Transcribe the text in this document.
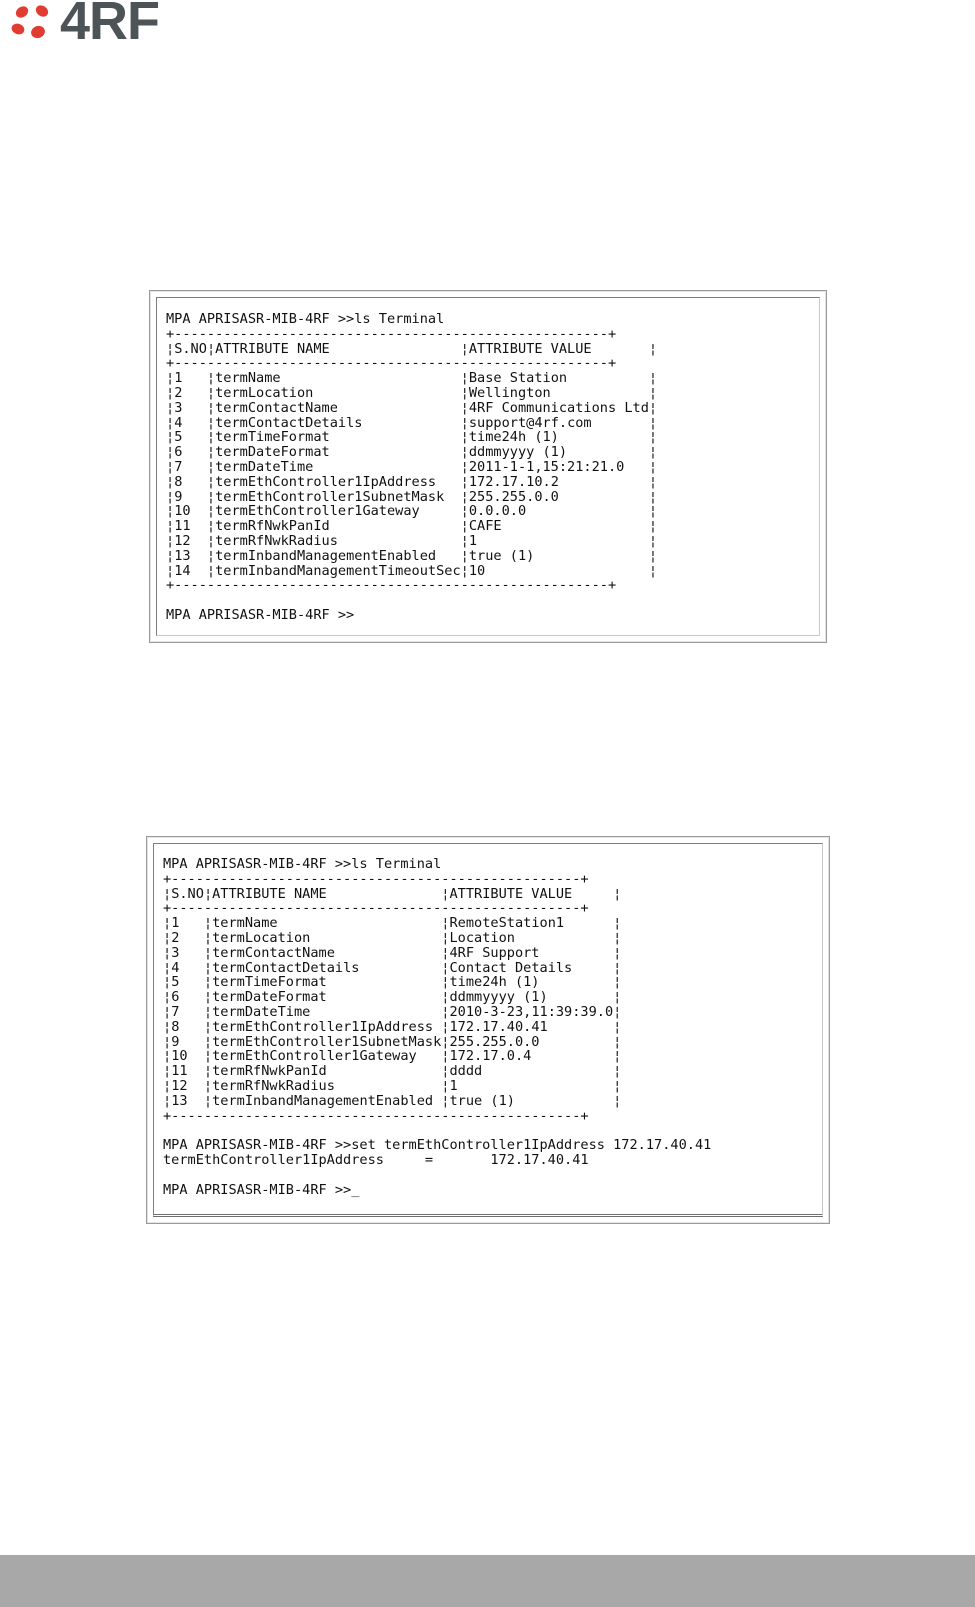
4RF
MPA APRISASR-MIB-4RF >>ls Terminal
+-----------------------------------------------------+
¦S.NO¦ATTRIBUTE NAME                ¦ATTRIBUTE VALUE       ¦
+-----------------------------------------------------+
¦1   ¦termName                      ¦Base Station          ¦
¦2   ¦termLocation                  ¦Wellington            ¦
¦3   ¦termContactName               ¦4RF Communications Ltd¦
¦4   ¦termContactDetails            ¦support@4rf.com       ¦
¦5   ¦termTimeFormat                ¦time24h (1)           ¦
¦6   ¦termDateFormat                ¦ddmmyyyy (1)          ¦
¦7   ¦termDateTime                  ¦2011-1-1,15:21:21.0   ¦
¦8   ¦termEthController1IpAddress   ¦172.17.10.2           ¦
¦9   ¦termEthController1SubnetMask  ¦255.255.0.0           ¦
¦10  ¦termEthController1Gateway     ¦0.0.0.0               ¦
¦11  ¦termRfNwkPanId                ¦CAFE                  ¦
¦12  ¦termRfNwkRadius               ¦1                     ¦
¦13  ¦termInbandManagementEnabled   ¦true (1)              ¦
¦14  ¦termInbandManagementTimeoutSec¦10                    ¦
+-----------------------------------------------------+

MPA APRISASR-MIB-4RF >>
MPA APRISASR-MIB-4RF >>ls Terminal
+--------------------------------------------------+
¦S.NO¦ATTRIBUTE NAME              ¦ATTRIBUTE VALUE     ¦
+--------------------------------------------------+
¦1   ¦termName                    ¦RemoteStation1      ¦
¦2   ¦termLocation                ¦Location            ¦
¦3   ¦termContactName             ¦4RF Support         ¦
¦4   ¦termContactDetails          ¦Contact Details     ¦
¦5   ¦termTimeFormat              ¦time24h (1)         ¦
¦6   ¦termDateFormat              ¦ddmmyyyy (1)        ¦
¦7   ¦termDateTime                ¦2010-3-23,11:39:39.0¦
¦8   ¦termEthController1IpAddress ¦172.17.40.41        ¦
¦9   ¦termEthController1SubnetMask¦255.255.0.0         ¦
¦10  ¦termEthController1Gateway   ¦172.17.0.4          ¦
¦11  ¦termRfNwkPanId              ¦dddd                ¦
¦12  ¦termRfNwkRadius             ¦1                   ¦
¦13  ¦termInbandManagementEnabled ¦true (1)            ¦
+--------------------------------------------------+

MPA APRISASR-MIB-4RF >>set termEthController1IpAddress 172.17.40.41
termEthController1IpAddress     =       172.17.40.41

MPA APRISASR-MIB-4RF >>_
